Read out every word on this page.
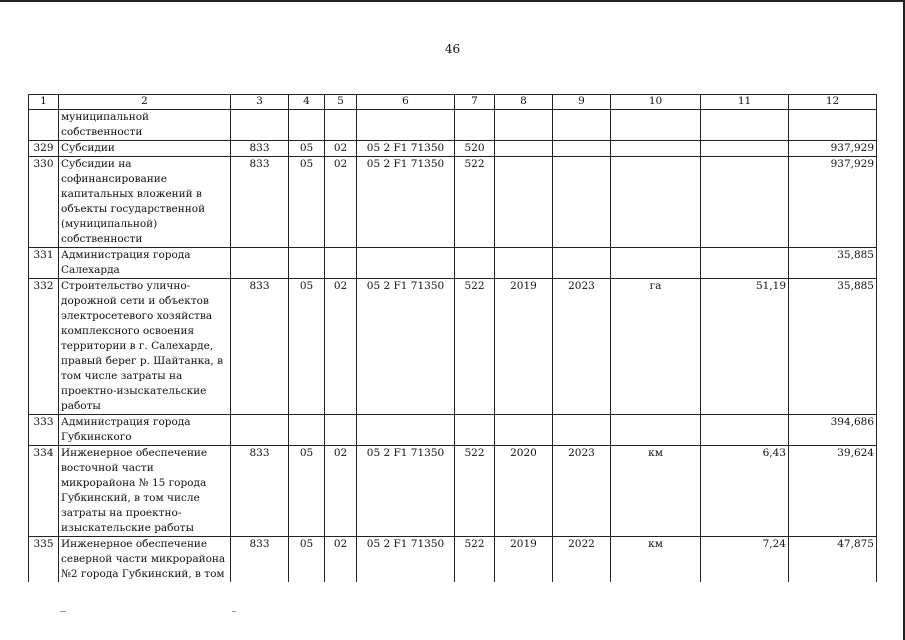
46
1	2	3	4	5	6	7	8	9	10	11	12
	муниципальной собственности										
329	Субсидии	833	05	02	05 2 F1 71350	520					937,929
330	Субсидии на софинансирование капитальных вложений в объекты государственной (муниципальной) собственности	833	05	02	05 2 F1 71350	522					937,929
331	Администрация города Салехарда										35,885
332	Строительство улично-дорожной сети и объектов электросетевого хозяйства комплексного освоения территории в г. Салехарде, правый берег р. Шайтанка, в том числе затраты на проектно-изыскательские работы	833	05	02	05 2 F1 71350	522	2019	2023	га	51,19	35,885
333	Администрация города Губкинского										394,686
334	Инженерное обеспечение восточной части микрорайона № 15 города Губкинский, в том числе затраты на проектно-изыскательские работы	833	05	02	05 2 F1 71350	522	2020	2023	км	6,43	39,624
335	Инженерное обеспечение северной части микрорайона №2 города Губкинский, в том	833	05	02	05 2 F1 71350	522	2019	2022	км	7,24	47,875
